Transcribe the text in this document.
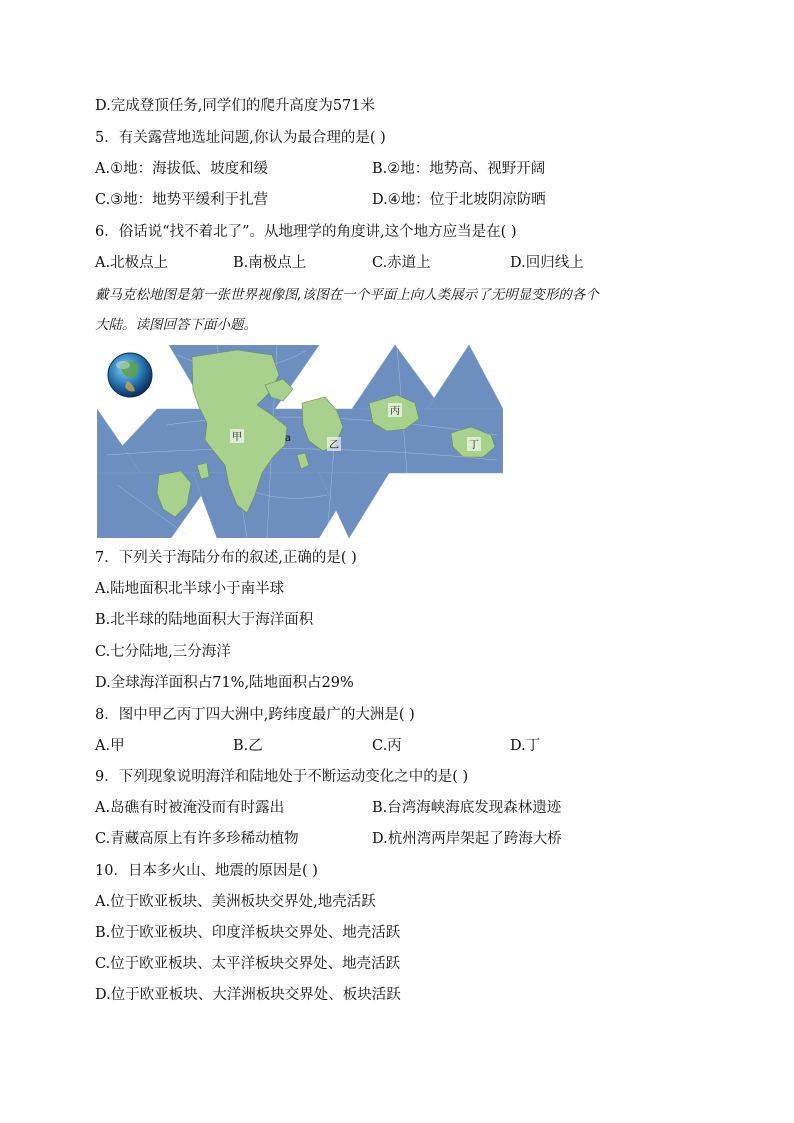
D.完成登顶任务,同学们的爬升高度为571米
5．有关露营地选址问题,你认为最合理的是( )
A.①地：海拔低、坡度和缓	B.②地：地势高、视野开阔
C.③地：地势平缓利于扎营	D.④地：位于北坡阴凉防晒
6．俗话说“找不着北了”。从地理学的角度讲,这个地方应当是在( )
A.北极点上	B.南极点上	C.赤道上	D.回归线上
戴马克松地图是第一张世界视像图,该图在一个平面上向人类展示了无明显变形的各个
大陆。读图回答下面小题。
甲	a
乙
丙
丁
7．下列关于海陆分布的叙述,正确的是( )
A.陆地面积北半球小于南半球
B.北半球的陆地面积大于海洋面积
C.七分陆地,三分海洋
D.全球海洋面积占71%,陆地面积占29%
8．图中甲乙丙丁四大洲中,跨纬度最广的大洲是( )
A.甲	B.乙	C.丙	D.丁
9．下列现象说明海洋和陆地处于不断运动变化之中的是( )
A.岛礁有时被淹没而有时露出	B.台湾海峡海底发现森林遗迹
C.青藏高原上有许多珍稀动植物	D.杭州湾两岸架起了跨海大桥
10．日本多火山、地震的原因是( )
A.位于欧亚板块、美洲板块交界处,地壳活跃
B.位于欧亚板块、印度洋板块交界处、地壳活跃
C.位于欧亚板块、太平洋板块交界处、地壳活跃
D.位于欧亚板块、大洋洲板块交界处、板块活跃
